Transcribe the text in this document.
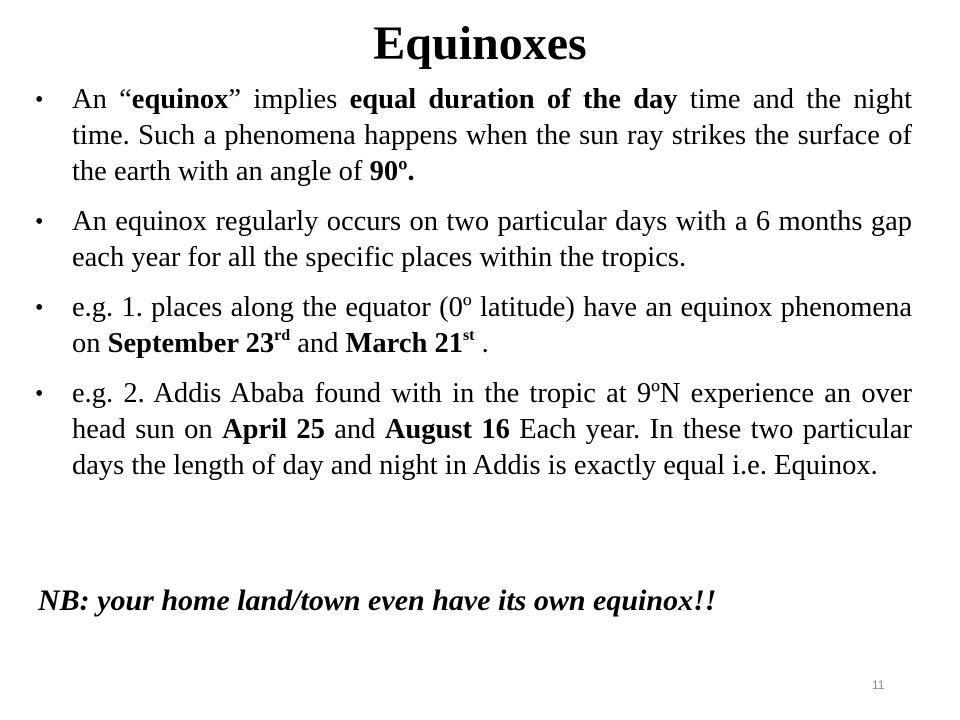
Equinoxes
• An “equinox” implies equal duration of the day time and the night time. Such a phenomena happens when the sun ray strikes the surface of the earth with an angle of 90º.
• An equinox regularly occurs on two particular days with a 6 months gap each year for all the specific places within the tropics.
• e.g. 1. places along the equator (0º latitude) have an equinox phenomena on September 23rd and March 21st .
• e.g. 2. Addis Ababa found with in the tropic at 9ºN experience an over head sun on April 25 and August 16 Each year. In these two particular days the length of day and night in Addis is exactly equal i.e. Equinox.
NB: your home land/town even have its own equinox!!
11
